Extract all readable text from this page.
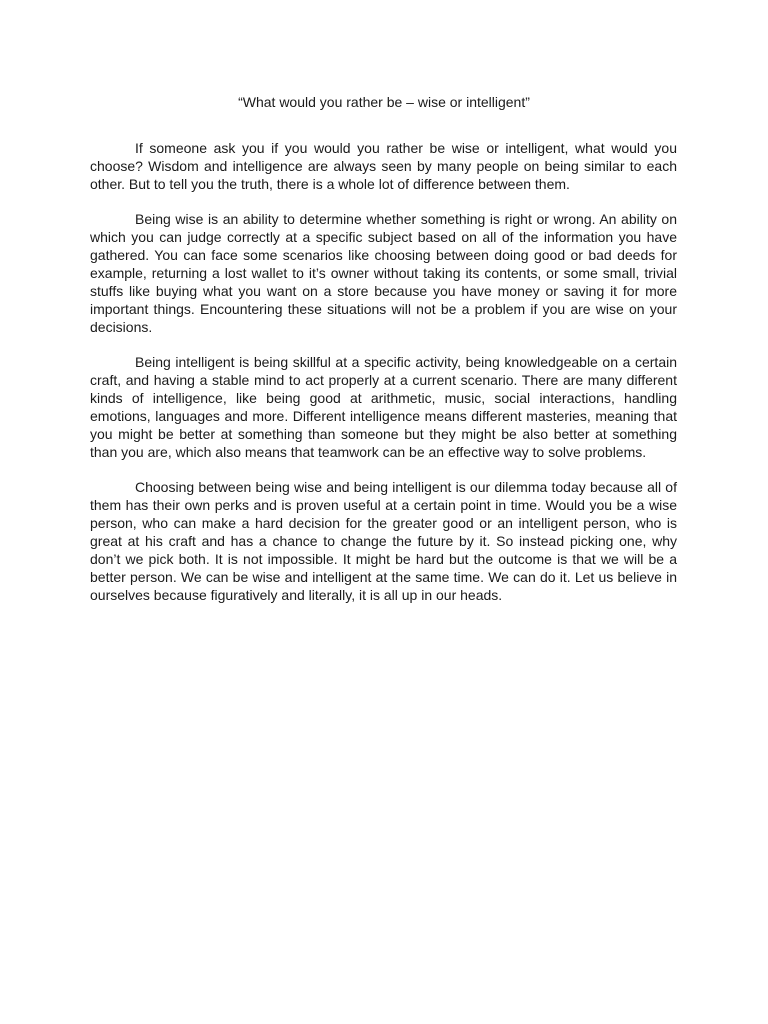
“What would you rather be – wise or intelligent”

If someone ask you if you would you rather be wise or intelligent, what would you choose? Wisdom and intelligence are always seen by many people on being similar to each other. But to tell you the truth, there is a whole lot of difference between them.

Being wise is an ability to determine whether something is right or wrong. An ability on which you can judge correctly at a specific subject based on all of the information you have gathered. You can face some scenarios like choosing between doing good or bad deeds for example, returning a lost wallet to it’s owner without taking its contents, or some small, trivial stuffs like buying what you want on a store because you have money or saving it for more important things. Encountering these situations will not be a problem if you are wise on your decisions.

Being intelligent is being skillful at a specific activity, being knowledgeable on a certain craft, and having a stable mind to act properly at a current scenario. There are many different kinds of intelligence, like being good at arithmetic, music, social interactions, handling emotions, languages and more. Different intelligence means different masteries, meaning that you might be better at something than someone but they might be also better at something than you are, which also means that teamwork can be an effective way to solve problems.

Choosing between being wise and being intelligent is our dilemma today because all of them has their own perks and is proven useful at a certain point in time. Would you be a wise person, who can make a hard decision for the greater good or an intelligent person, who is great at his craft and has a chance to change the future by it. So instead picking one, why don’t we pick both. It is not impossible. It might be hard but the outcome is that we will be a better person. We can be wise and intelligent at the same time. We can do it. Let us believe in ourselves because figuratively and literally, it is all up in our heads.
